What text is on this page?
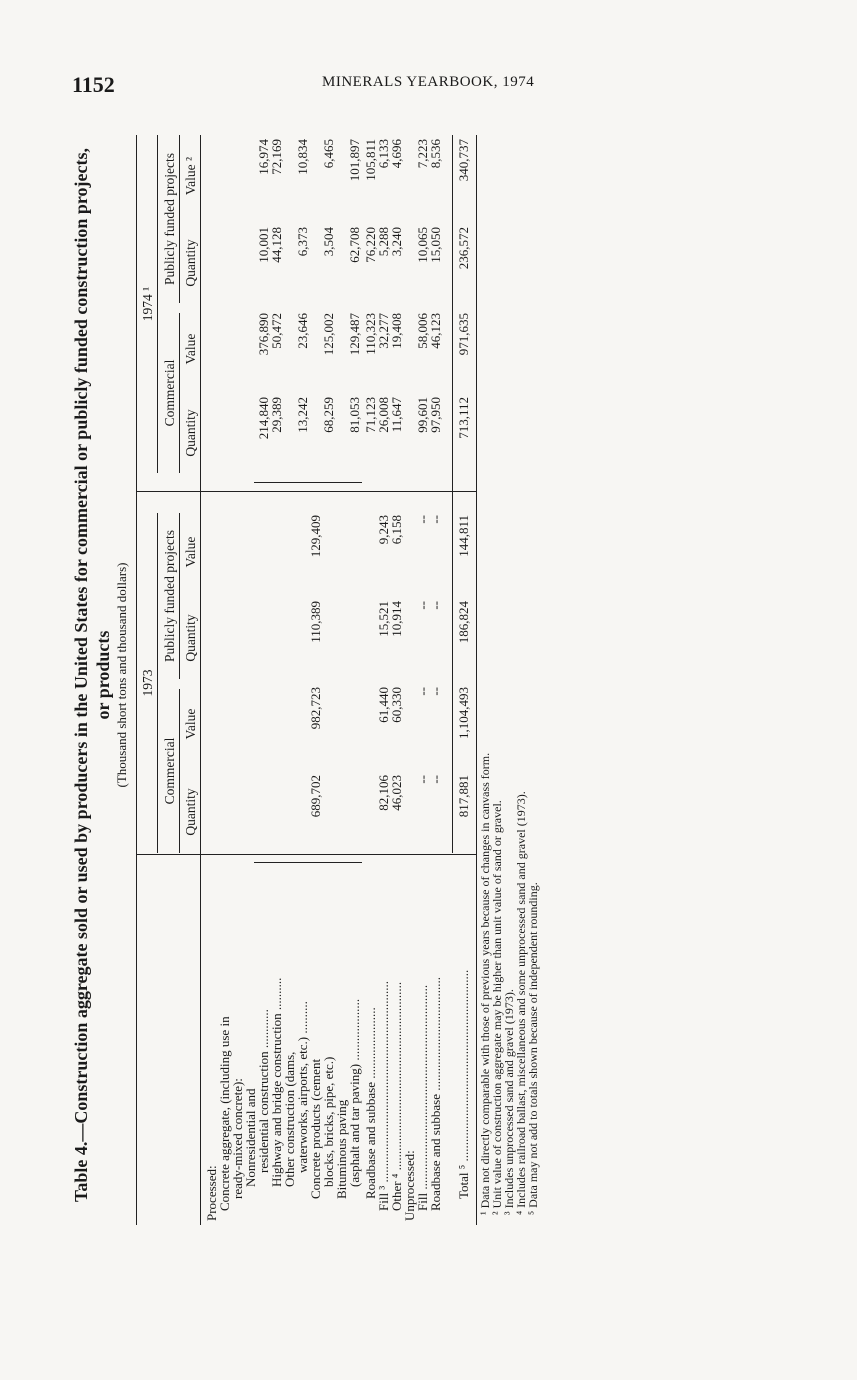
1152	MINERALS YEARBOOK, 1974
Table 4.—Construction aggregate sold or used by producers in the United States for commercial or publicly funded construction projects, or products (Thousand short tons and thousand dollars) 1973
1974 ¹
Commercial
Publicly funded projects
Commercial
Publicly funded projects
Quantity
Value
Quantity
Value
Quantity
Value
Quantity
Value ²
Processed:
Concrete aggregate, (including use in
ready-mixed concrete):
Nonresidential and
residential construction ............
Highway and bridge construction ..........
Other construction (dams,
waterworks, airports, etc.) ..........
Concrete products (cement
blocks, bricks, pipe, etc.)
Bituminous paving
(asphalt and tar paving) ................... Roadbase and subbase ......................
Fill ³ ..............................................................
Other ⁴ ..........................................................
Unprocessed:
Fill ...............................................................
Roadbase and subbase ................................... Total ⁵ ...........................................................
689,702
982,723
110,389
129,409
82,106
61,440
15,521
9,243
46,023
60,330
10,914
6,158
--
--
--
--
--
--
--
--
817,881
1,104,493
186,824
144,811
214,840
376,890
10,001
16,974
29,389
50,472
44,128
72,169
13,242
23,646
6,373
10,834
68,259
125,002
3,504
6,465
81,053
129,487
62,708
101,897
71,123
110,323
76,220
105,811
26,008
32,277
5,288
6,133
11,647
19,408
3,240
4,696
99,601
58,006
10,065
7,223
97,950
46,123
15,050
8,536
713,112
971,635
236,572
340,737
¹ Data not directly comparable with those of previous years because of changes in canvass form.
² Unit value of construction aggregate may be higher than unit value of sand or gravel.
³ Includes unprocessed sand and gravel (1973).
⁴ Includes railroad ballast, miscellaneous and some unprocessed sand and gravel (1973).
⁵ Data may not add to totals shown because of independent rounding.
